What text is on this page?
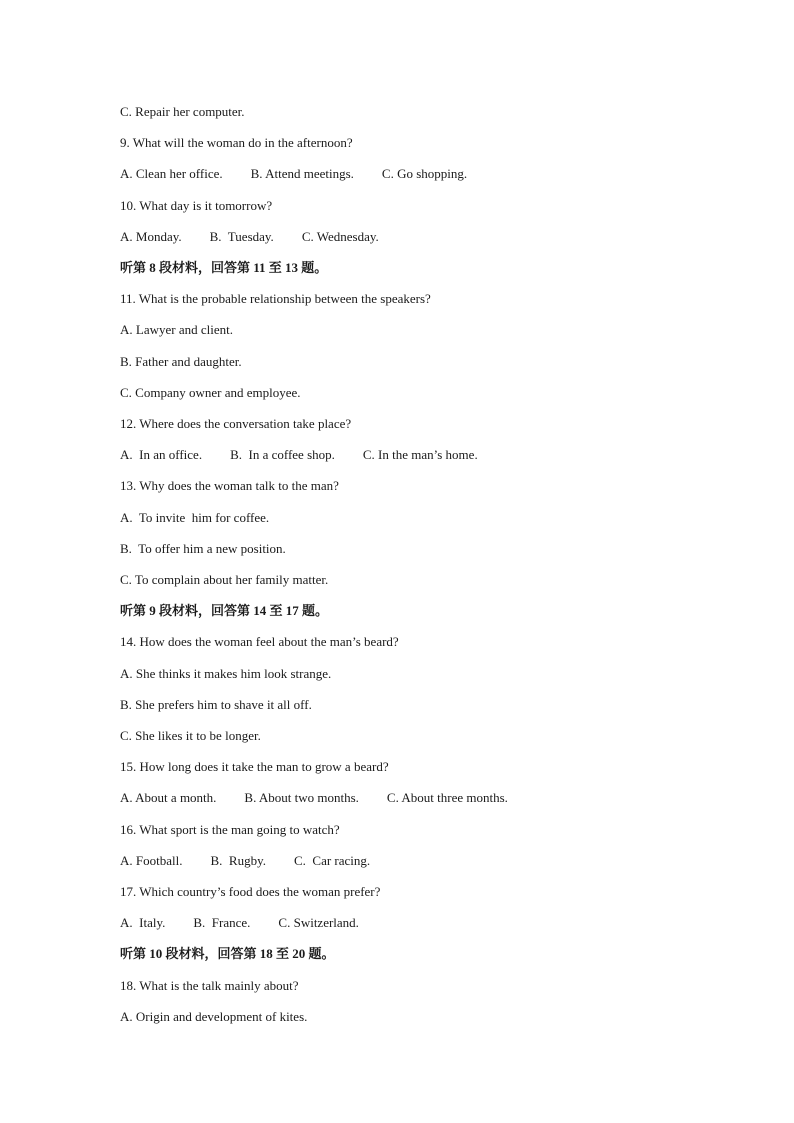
C. Repair her computer.
9. What will the woman do in the afternoon?
A. Clean her office. B. Attend meetings. C. Go shopping.
10. What day is it tomorrow?
A. Monday. B.  Tuesday. C. Wednesday.
听第 8 段材料，回答第 11 至 13 题。
11. What is the probable relationship between the speakers?
A. Lawyer and client.
B. Father and daughter.
C. Company owner and employee.
12. Where does the conversation take place?
A.  In an office. B.  In a coffee shop. C. In the man’s home.
13. Why does the woman talk to the man?
A.  To invite  him for coffee.
B.  To offer him a new position.
C. To complain about her family matter.
听第 9 段材料，回答第 14 至 17 题。
14. How does the woman feel about the man’s beard?
A. She thinks it makes him look strange.
B. She prefers him to shave it all off.
C. She likes it to be longer.
15. How long does it take the man to grow a beard?
A. About a month. B. About two months. C. About three months.
16. What sport is the man going to watch?
A. Football. B.  Rugby. C.  Car racing.
17. Which country’s food does the woman prefer?
A.  Italy. B.  France. C. Switzerland.
听第 10 段材料，回答第 18 至 20 题。
18. What is the talk mainly about?
A. Origin and development of kites.
